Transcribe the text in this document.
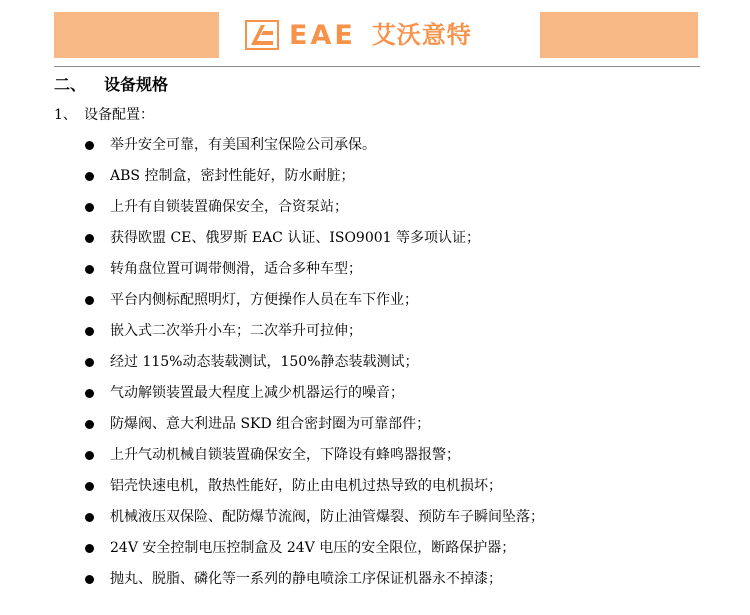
EAE 艾沃意特
二、 设备规格
1、 设备配置：
举升安全可靠，有美国利宝保险公司承保。
ABS 控制盒，密封性能好，防水耐脏；
上升有自锁装置确保安全，合资泵站；
获得欧盟 CE、俄罗斯 EAC 认证、ISO9001 等多项认证；
转角盘位置可调带侧滑，适合多种车型；
平台内侧标配照明灯，方便操作人员在车下作业；
嵌入式二次举升小车；二次举升可拉伸；
经过 115%动态装载测试，150%静态装载测试；
气动解锁装置最大程度上减少机器运行的噪音；
防爆阀、意大利进品 SKD 组合密封圈为可靠部件；
上升气动机械自锁装置确保安全，下降设有蜂鸣器报警；
铝壳快速电机，散热性能好，防止由电机过热导致的电机损坏；
机械液压双保险、配防爆节流阀，防止油管爆裂、预防车子瞬间坠落；
24V 安全控制电压控制盒及 24V 电压的安全限位，断路保护器；
抛丸、脱脂、磷化等一系列的静电喷涂工序保证机器永不掉漆；
